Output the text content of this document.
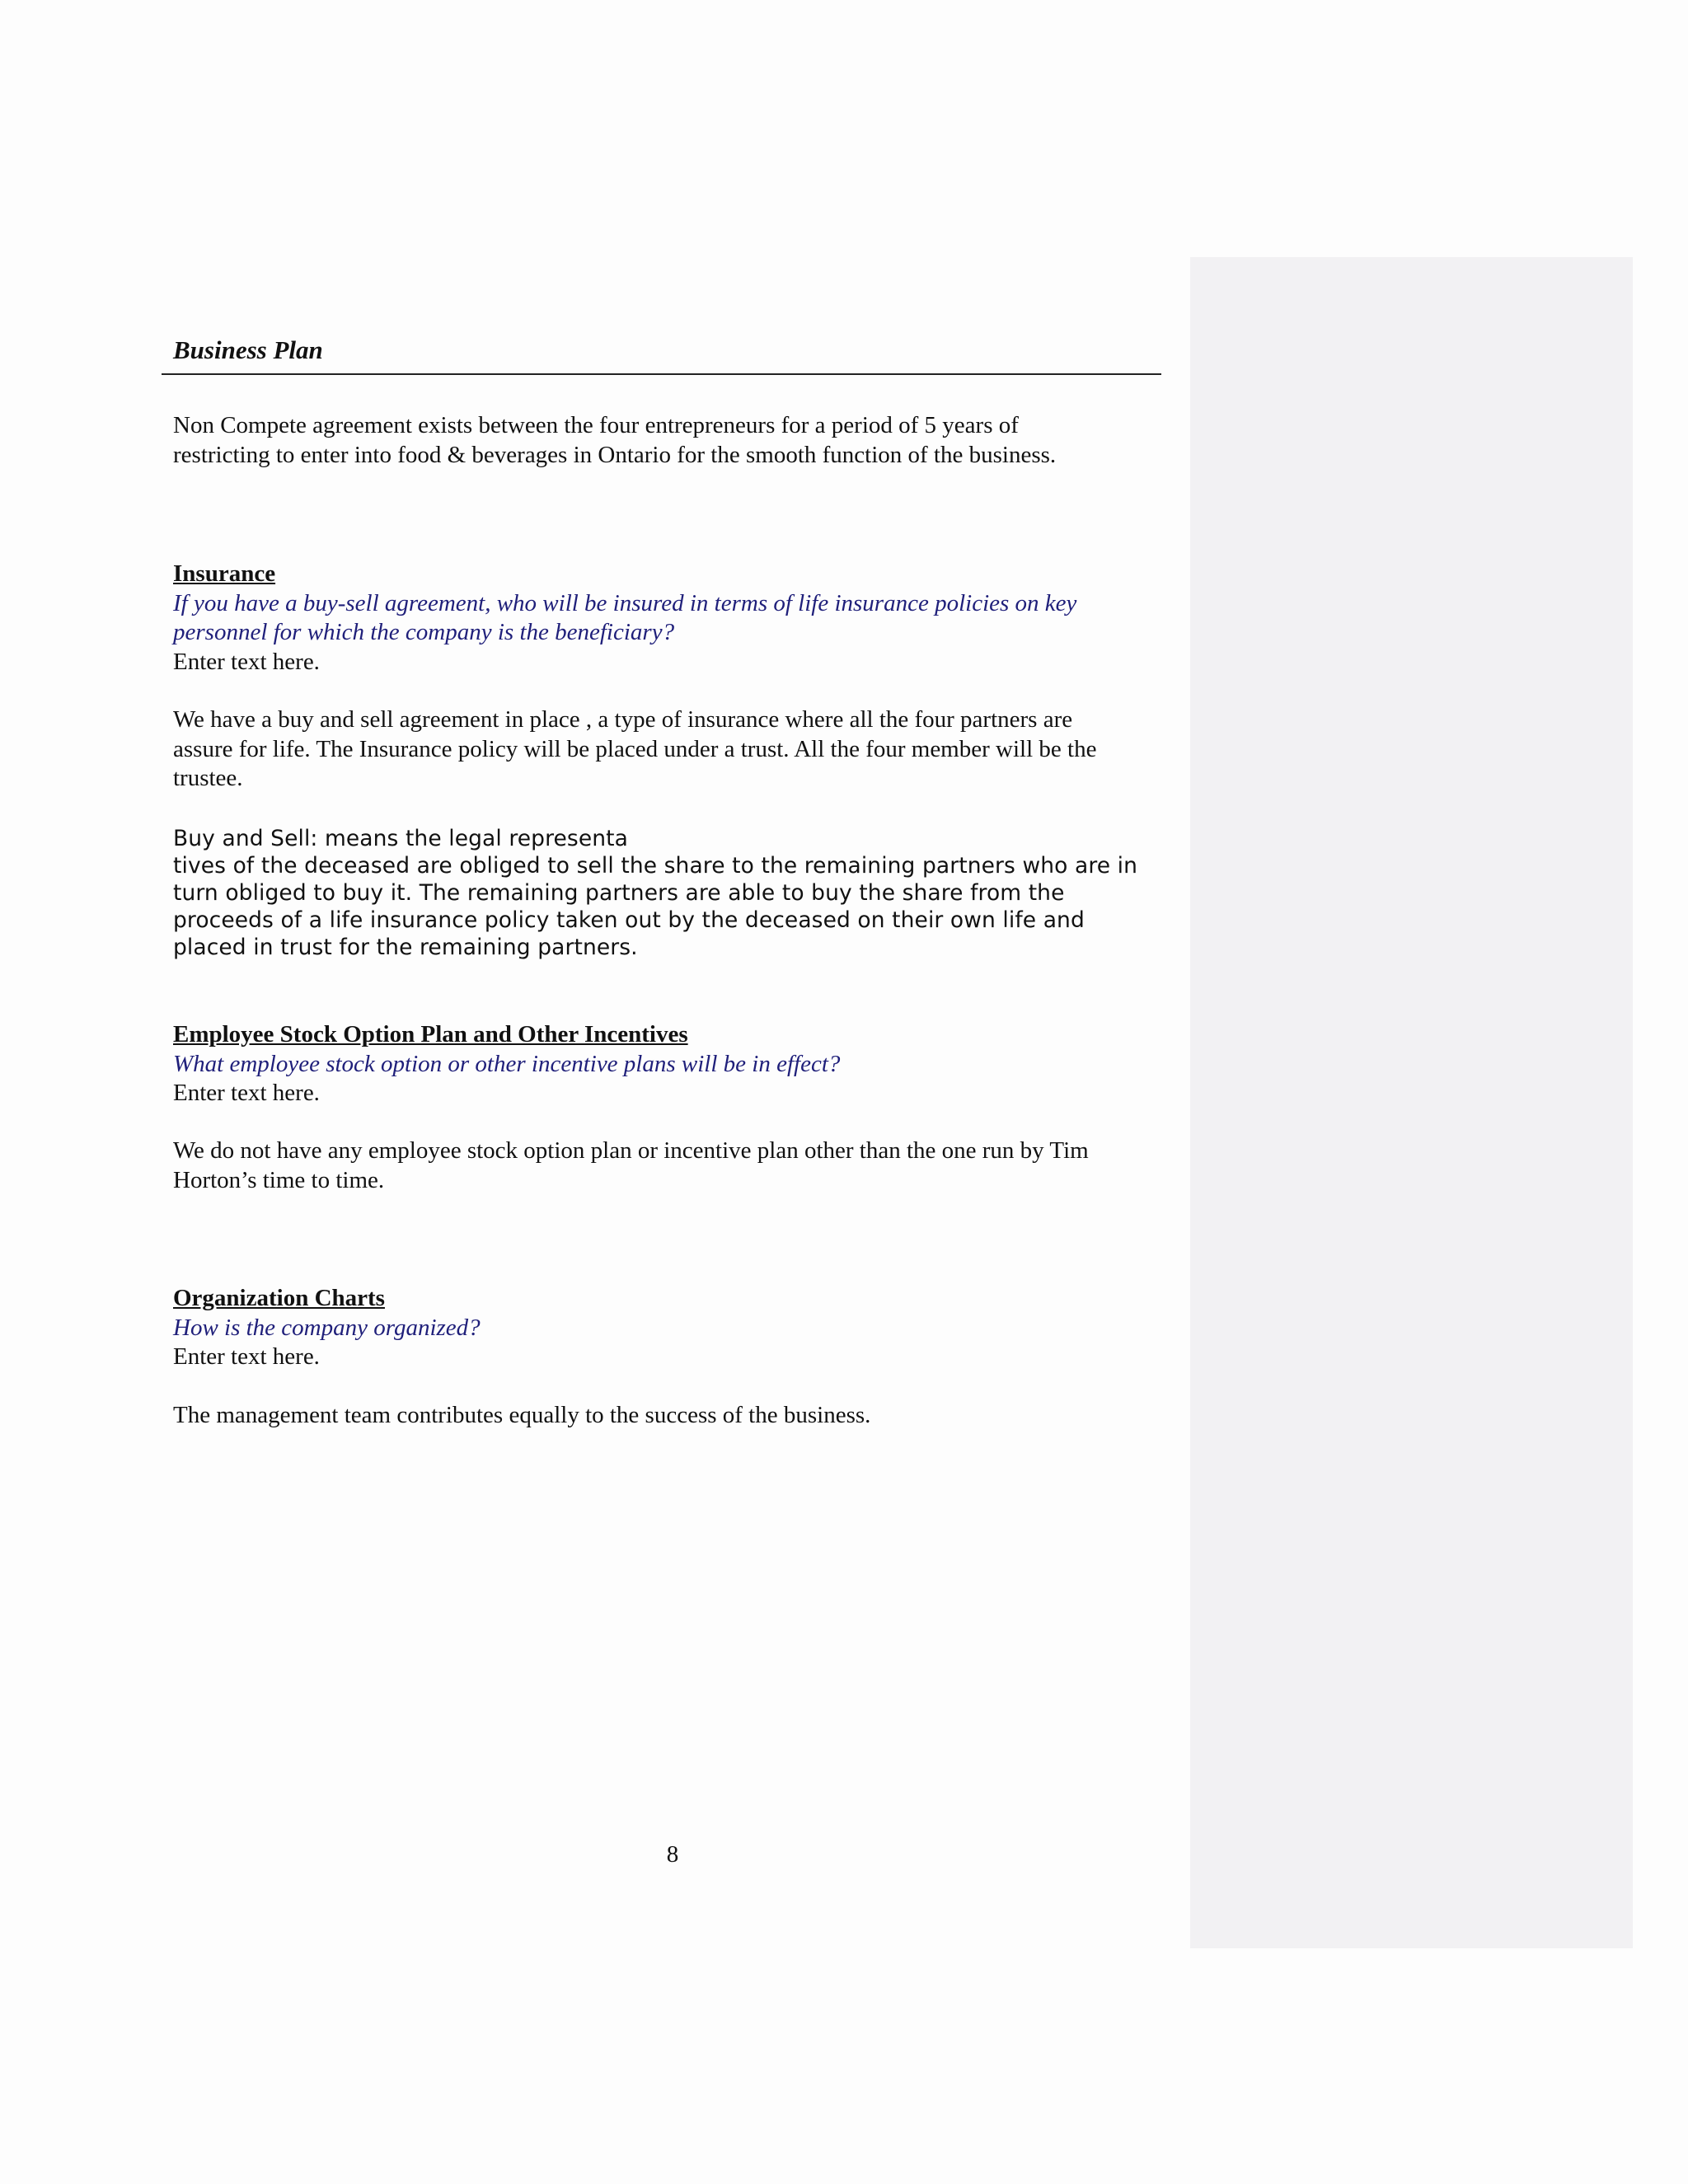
Business Plan

Non Compete agreement exists between the four entrepreneurs for a period of 5 years of

restricting to enter into food & beverages in Ontario for the smooth function of the business.

Insurance

If you have a buy-sell agreement, who will be insured in terms of life insurance policies on key

personnel for which the company is the beneficiary?

Enter text here.

We have a buy and sell agreement in place , a type of insurance where all the four partners are

assure for life. The Insurance policy will be placed under a trust. All the four member will be the

trustee.

Buy and Sell: means the legal representa

tives of the deceased are obliged to sell the share to the remaining partners who are in

turn obliged to buy it. The remaining partners are able to buy the share from the

proceeds of a life insurance policy taken out by the deceased on their own life and

placed in trust for the remaining partners.

Employee Stock Option Plan and Other Incentives

What employee stock option or other incentive plans will be in effect?

Enter text here.

We do not have any employee stock option plan or incentive plan other than the one run by Tim

Horton’s time to time.

Organization Charts

How is the company organized?

Enter text here.

The management team contributes equally to the success of the business.

8
